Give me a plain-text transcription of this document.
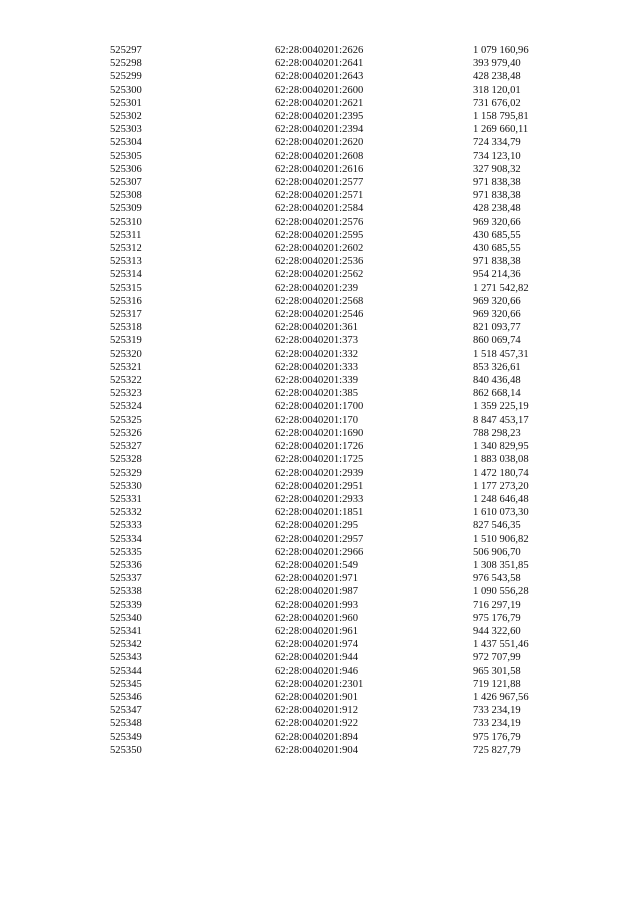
525297	62:28:0040201:2626	1 079 160,96
525298	62:28:0040201:2641	393 979,40
525299	62:28:0040201:2643	428 238,48
525300	62:28:0040201:2600	318 120,01
525301	62:28:0040201:2621	731 676,02
525302	62:28:0040201:2395	1 158 795,81
525303	62:28:0040201:2394	1 269 660,11
525304	62:28:0040201:2620	724 334,79
525305	62:28:0040201:2608	734 123,10
525306	62:28:0040201:2616	327 908,32
525307	62:28:0040201:2577	971 838,38
525308	62:28:0040201:2571	971 838,38
525309	62:28:0040201:2584	428 238,48
525310	62:28:0040201:2576	969 320,66
525311	62:28:0040201:2595	430 685,55
525312	62:28:0040201:2602	430 685,55
525313	62:28:0040201:2536	971 838,38
525314	62:28:0040201:2562	954 214,36
525315	62:28:0040201:239	1 271 542,82
525316	62:28:0040201:2568	969 320,66
525317	62:28:0040201:2546	969 320,66
525318	62:28:0040201:361	821 093,77
525319	62:28:0040201:373	860 069,74
525320	62:28:0040201:332	1 518 457,31
525321	62:28:0040201:333	853 326,61
525322	62:28:0040201:339	840 436,48
525323	62:28:0040201:385	862 668,14
525324	62:28:0040201:1700	1 359 225,19
525325	62:28:0040201:170	8 847 453,17
525326	62:28:0040201:1690	788 298,23
525327	62:28:0040201:1726	1 340 829,95
525328	62:28:0040201:1725	1 883 038,08
525329	62:28:0040201:2939	1 472 180,74
525330	62:28:0040201:2951	1 177 273,20
525331	62:28:0040201:2933	1 248 646,48
525332	62:28:0040201:1851	1 610 073,30
525333	62:28:0040201:295	827 546,35
525334	62:28:0040201:2957	1 510 906,82
525335	62:28:0040201:2966	506 906,70
525336	62:28:0040201:549	1 308 351,85
525337	62:28:0040201:971	976 543,58
525338	62:28:0040201:987	1 090 556,28
525339	62:28:0040201:993	716 297,19
525340	62:28:0040201:960	975 176,79
525341	62:28:0040201:961	944 322,60
525342	62:28:0040201:974	1 437 551,46
525343	62:28:0040201:944	972 707,99
525344	62:28:0040201:946	965 301,58
525345	62:28:0040201:2301	719 121,88
525346	62:28:0040201:901	1 426 967,56
525347	62:28:0040201:912	733 234,19
525348	62:28:0040201:922	733 234,19
525349	62:28:0040201:894	975 176,79
525350	62:28:0040201:904	725 827,79
